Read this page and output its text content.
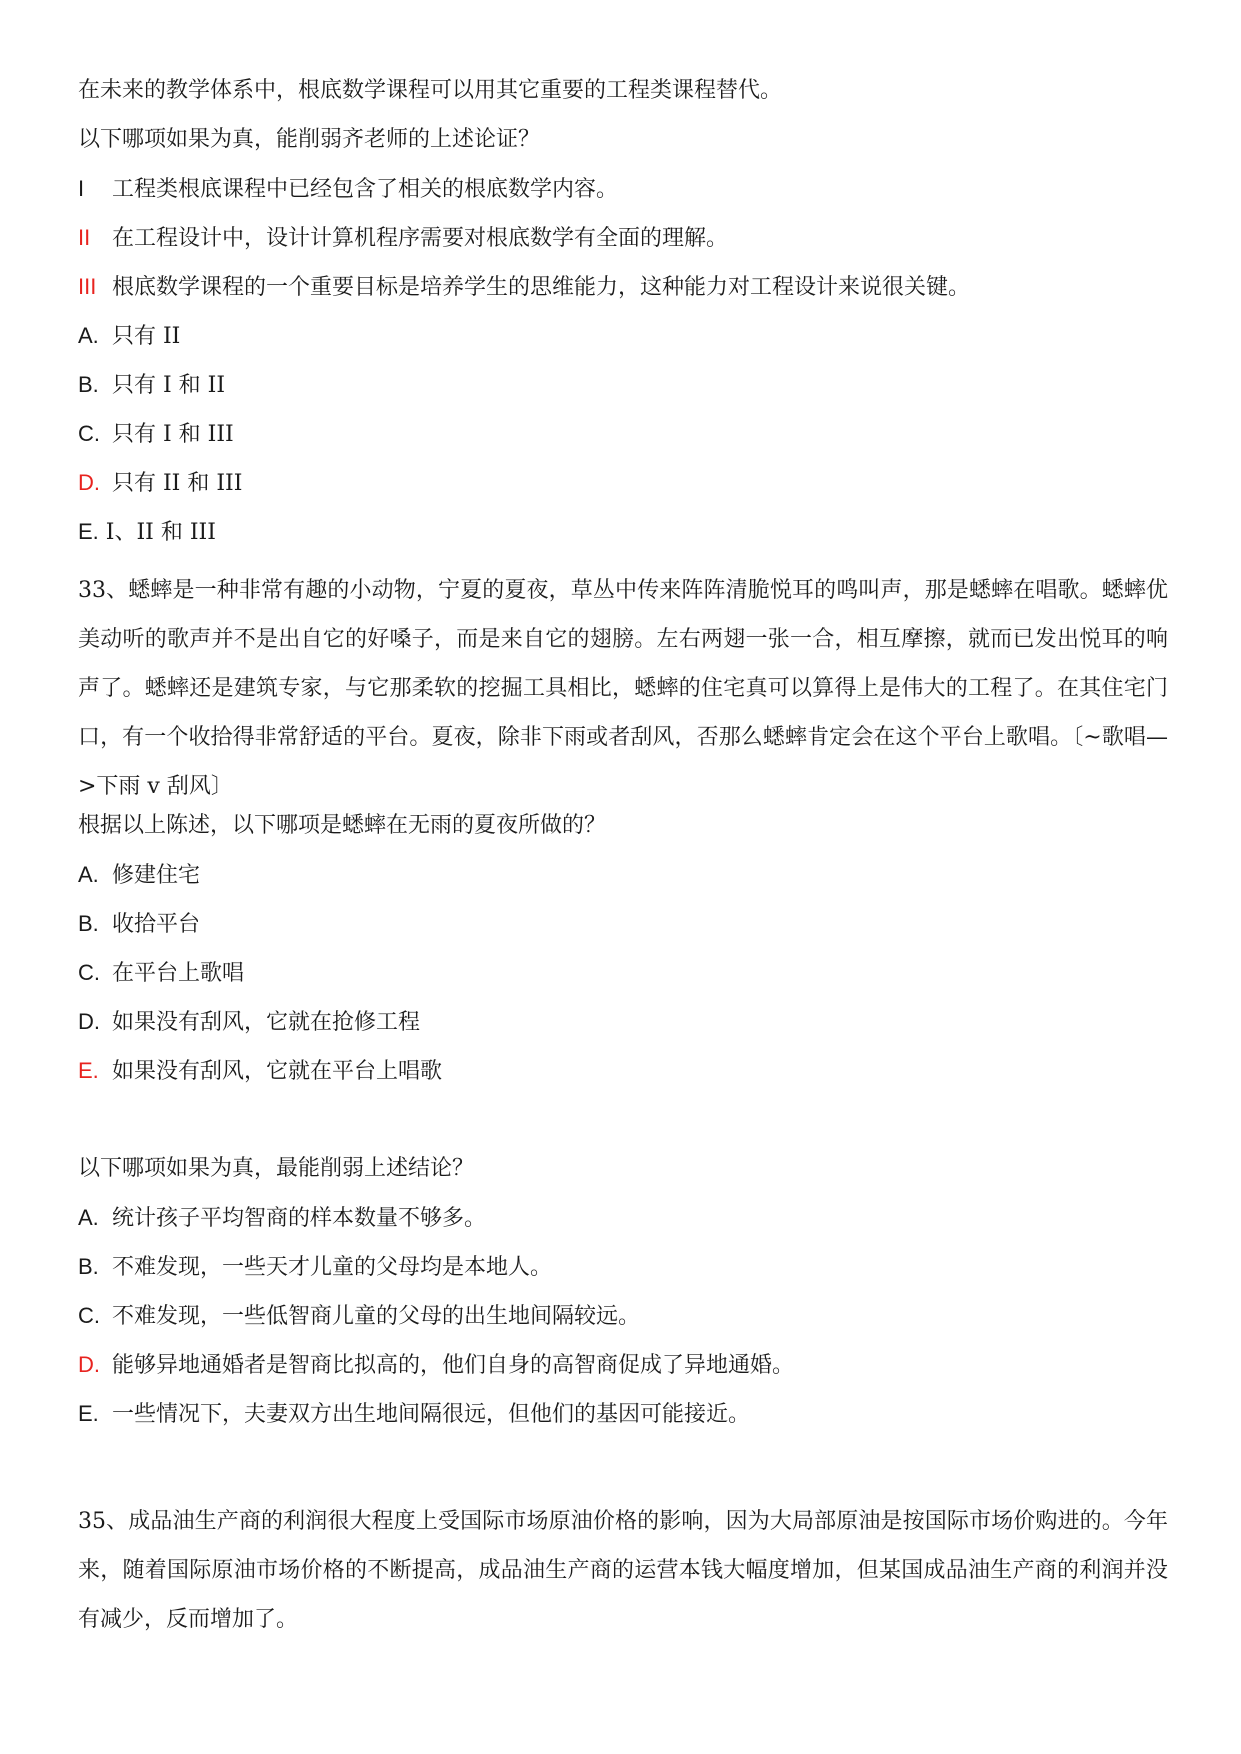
在未来的教学体系中，根底数学课程可以用其它重要的工程类课程替代。
以下哪项如果为真，能削弱齐老师的上述论证？
I 工程类根底课程中已经包含了相关的根底数学内容。
II 在工程设计中，设计计算机程序需要对根底数学有全面的理解。
III 根底数学课程的一个重要目标是培养学生的思维能力，这种能力对工程设计来说很关键。
A. 只有 II
B. 只有 I 和 II
C. 只有 I 和 III
D. 只有 II 和 III
E. I、II 和 III
33、蟋蟀是一种非常有趣的小动物，宁夏的夏夜，草丛中传来阵阵清脆悦耳的鸣叫声，那是蟋蟀在唱歌。蟋蟀优美动听的歌声并不是出自它的好嗓子，而是来自它的翅膀。左右两翅一张一合，相互摩擦，就而已发出悦耳的响声了。蟋蟀还是建筑专家，与它那柔软的挖掘工具相比，蟋蟀的住宅真可以算得上是伟大的工程了。在其住宅门口，有一个收拾得非常舒适的平台。夏夜，除非下雨或者刮风，否那么蟋蟀肯定会在这个平台上歌唱。〔~歌唱—>下雨 v 刮风〕
根据以上陈述，以下哪项是蟋蟀在无雨的夏夜所做的？
A. 修建住宅
B. 收拾平台
C. 在平台上歌唱
D. 如果没有刮风，它就在抢修工程
E. 如果没有刮风，它就在平台上唱歌
以下哪项如果为真，最能削弱上述结论？
A. 统计孩子平均智商的样本数量不够多。
B. 不难发现，一些天才儿童的父母均是本地人。
C. 不难发现，一些低智商儿童的父母的出生地间隔较远。
D. 能够异地通婚者是智商比拟高的，他们自身的高智商促成了异地通婚。
E. 一些情况下，夫妻双方出生地间隔很远，但他们的基因可能接近。
35、成品油生产商的利润很大程度上受国际市场原油价格的影响，因为大局部原油是按国际市场价购进的。今年来，随着国际原油市场价格的不断提高，成品油生产商的运营本钱大幅度增加，但某国成品油生产商的利润并没有减少，反而增加了。
